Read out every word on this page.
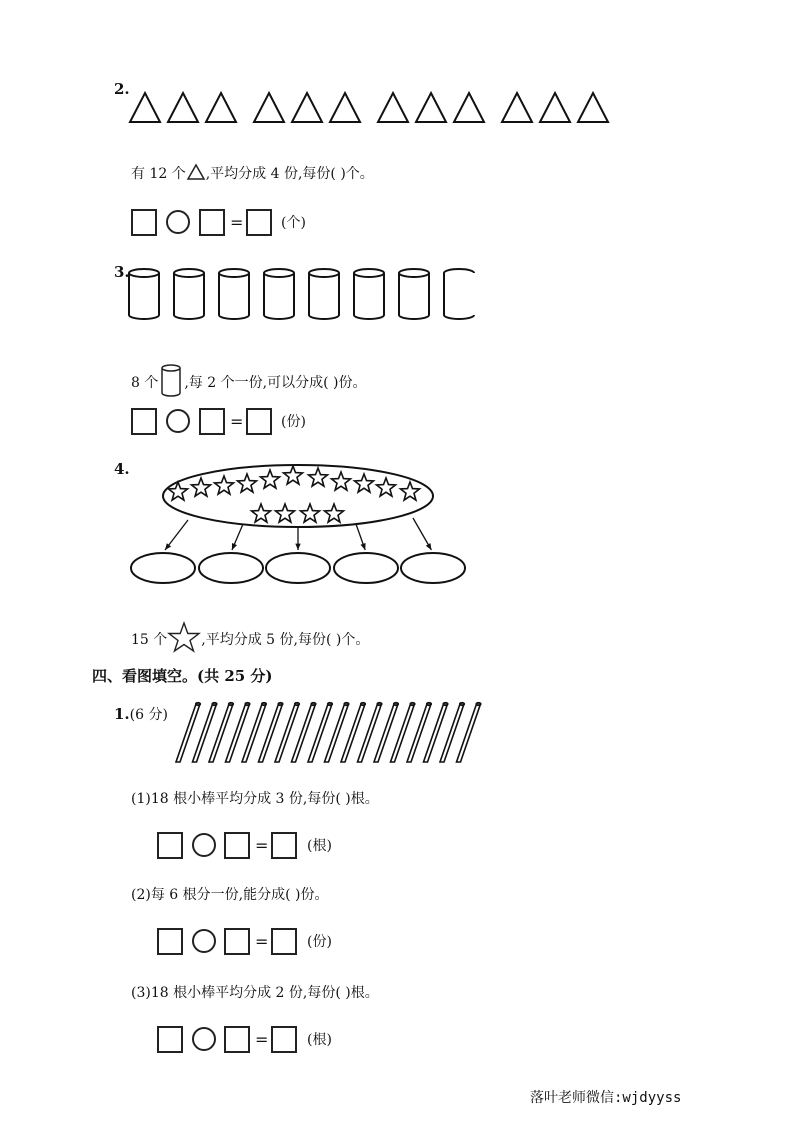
2.
有 12 个 ,平均分成 4 份,每份( )个。
=	(个)
3.
8 个 ,每 2 个一份,可以分成( )份。
=	(份)
4.
15 个 ,平均分成 5 份,每份( )个。
四、看图填空。(共 25 分)
1.(6 分)
(1)18 根小棒平均分成 3 份,每份( )根。
=	(根)
(2)每 6 根分一份,能分成( )份。
=	(份)
(3)18 根小棒平均分成 2 份,每份( )根。
=	(根)
落叶老师微信:wjdyyss
